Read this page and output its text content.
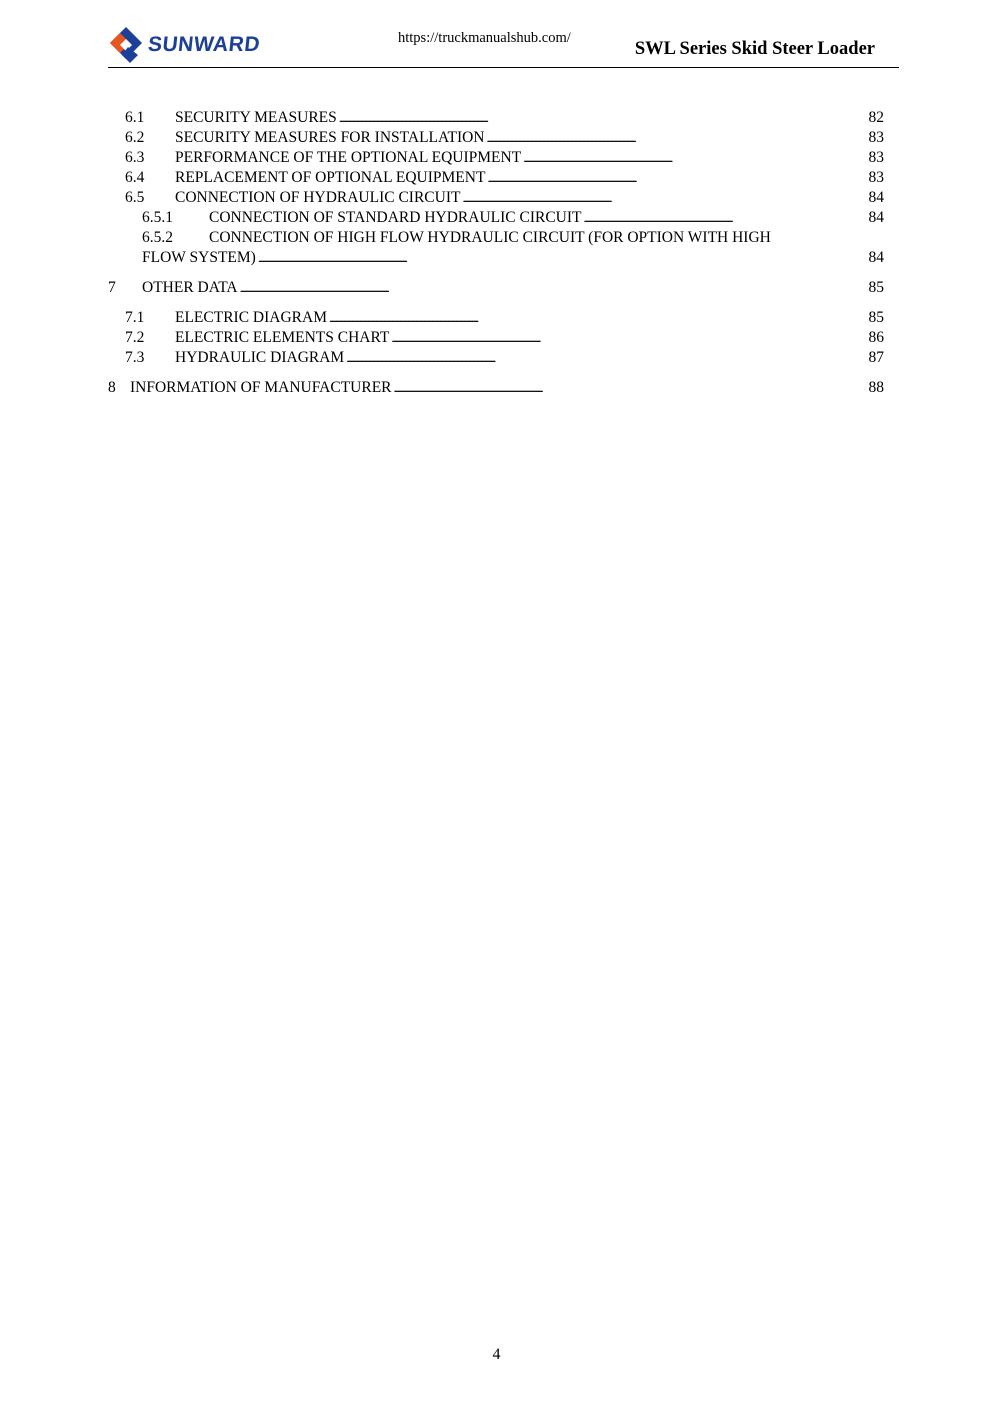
SUNWARD	https://truckmanualshub.com/
SWL Series Skid Steer Loader
6.1	SECURITY MEASURES . . .	82
6.2	SECURITY MEASURES FOR INSTALLATION . . .	83
6.3	PERFORMANCE OF THE OPTIONAL EQUIPMENT . . .	83
6.4	REPLACEMENT OF OPTIONAL EQUIPMENT . . .	83
6.5	CONNECTION OF HYDRAULIC CIRCUIT . . .	84
6.5.1	CONNECTION OF STANDARD HYDRAULIC CIRCUIT . . .	84
6.5.2 CONNECTION OF HIGH FLOW HYDRAULIC CIRCUIT (FOR OPTION WITH HIGH
FLOW SYSTEM) . . .	84
7	OTHER DATA . . .	85
7.1	ELECTRIC DIAGRAM . . .	85
7.2	ELECTRIC ELEMENTS CHART . . .	86
7.3	HYDRAULIC DIAGRAM . . .	87
8 INFORMATION OF MANUFACTURER . . .	88
4
